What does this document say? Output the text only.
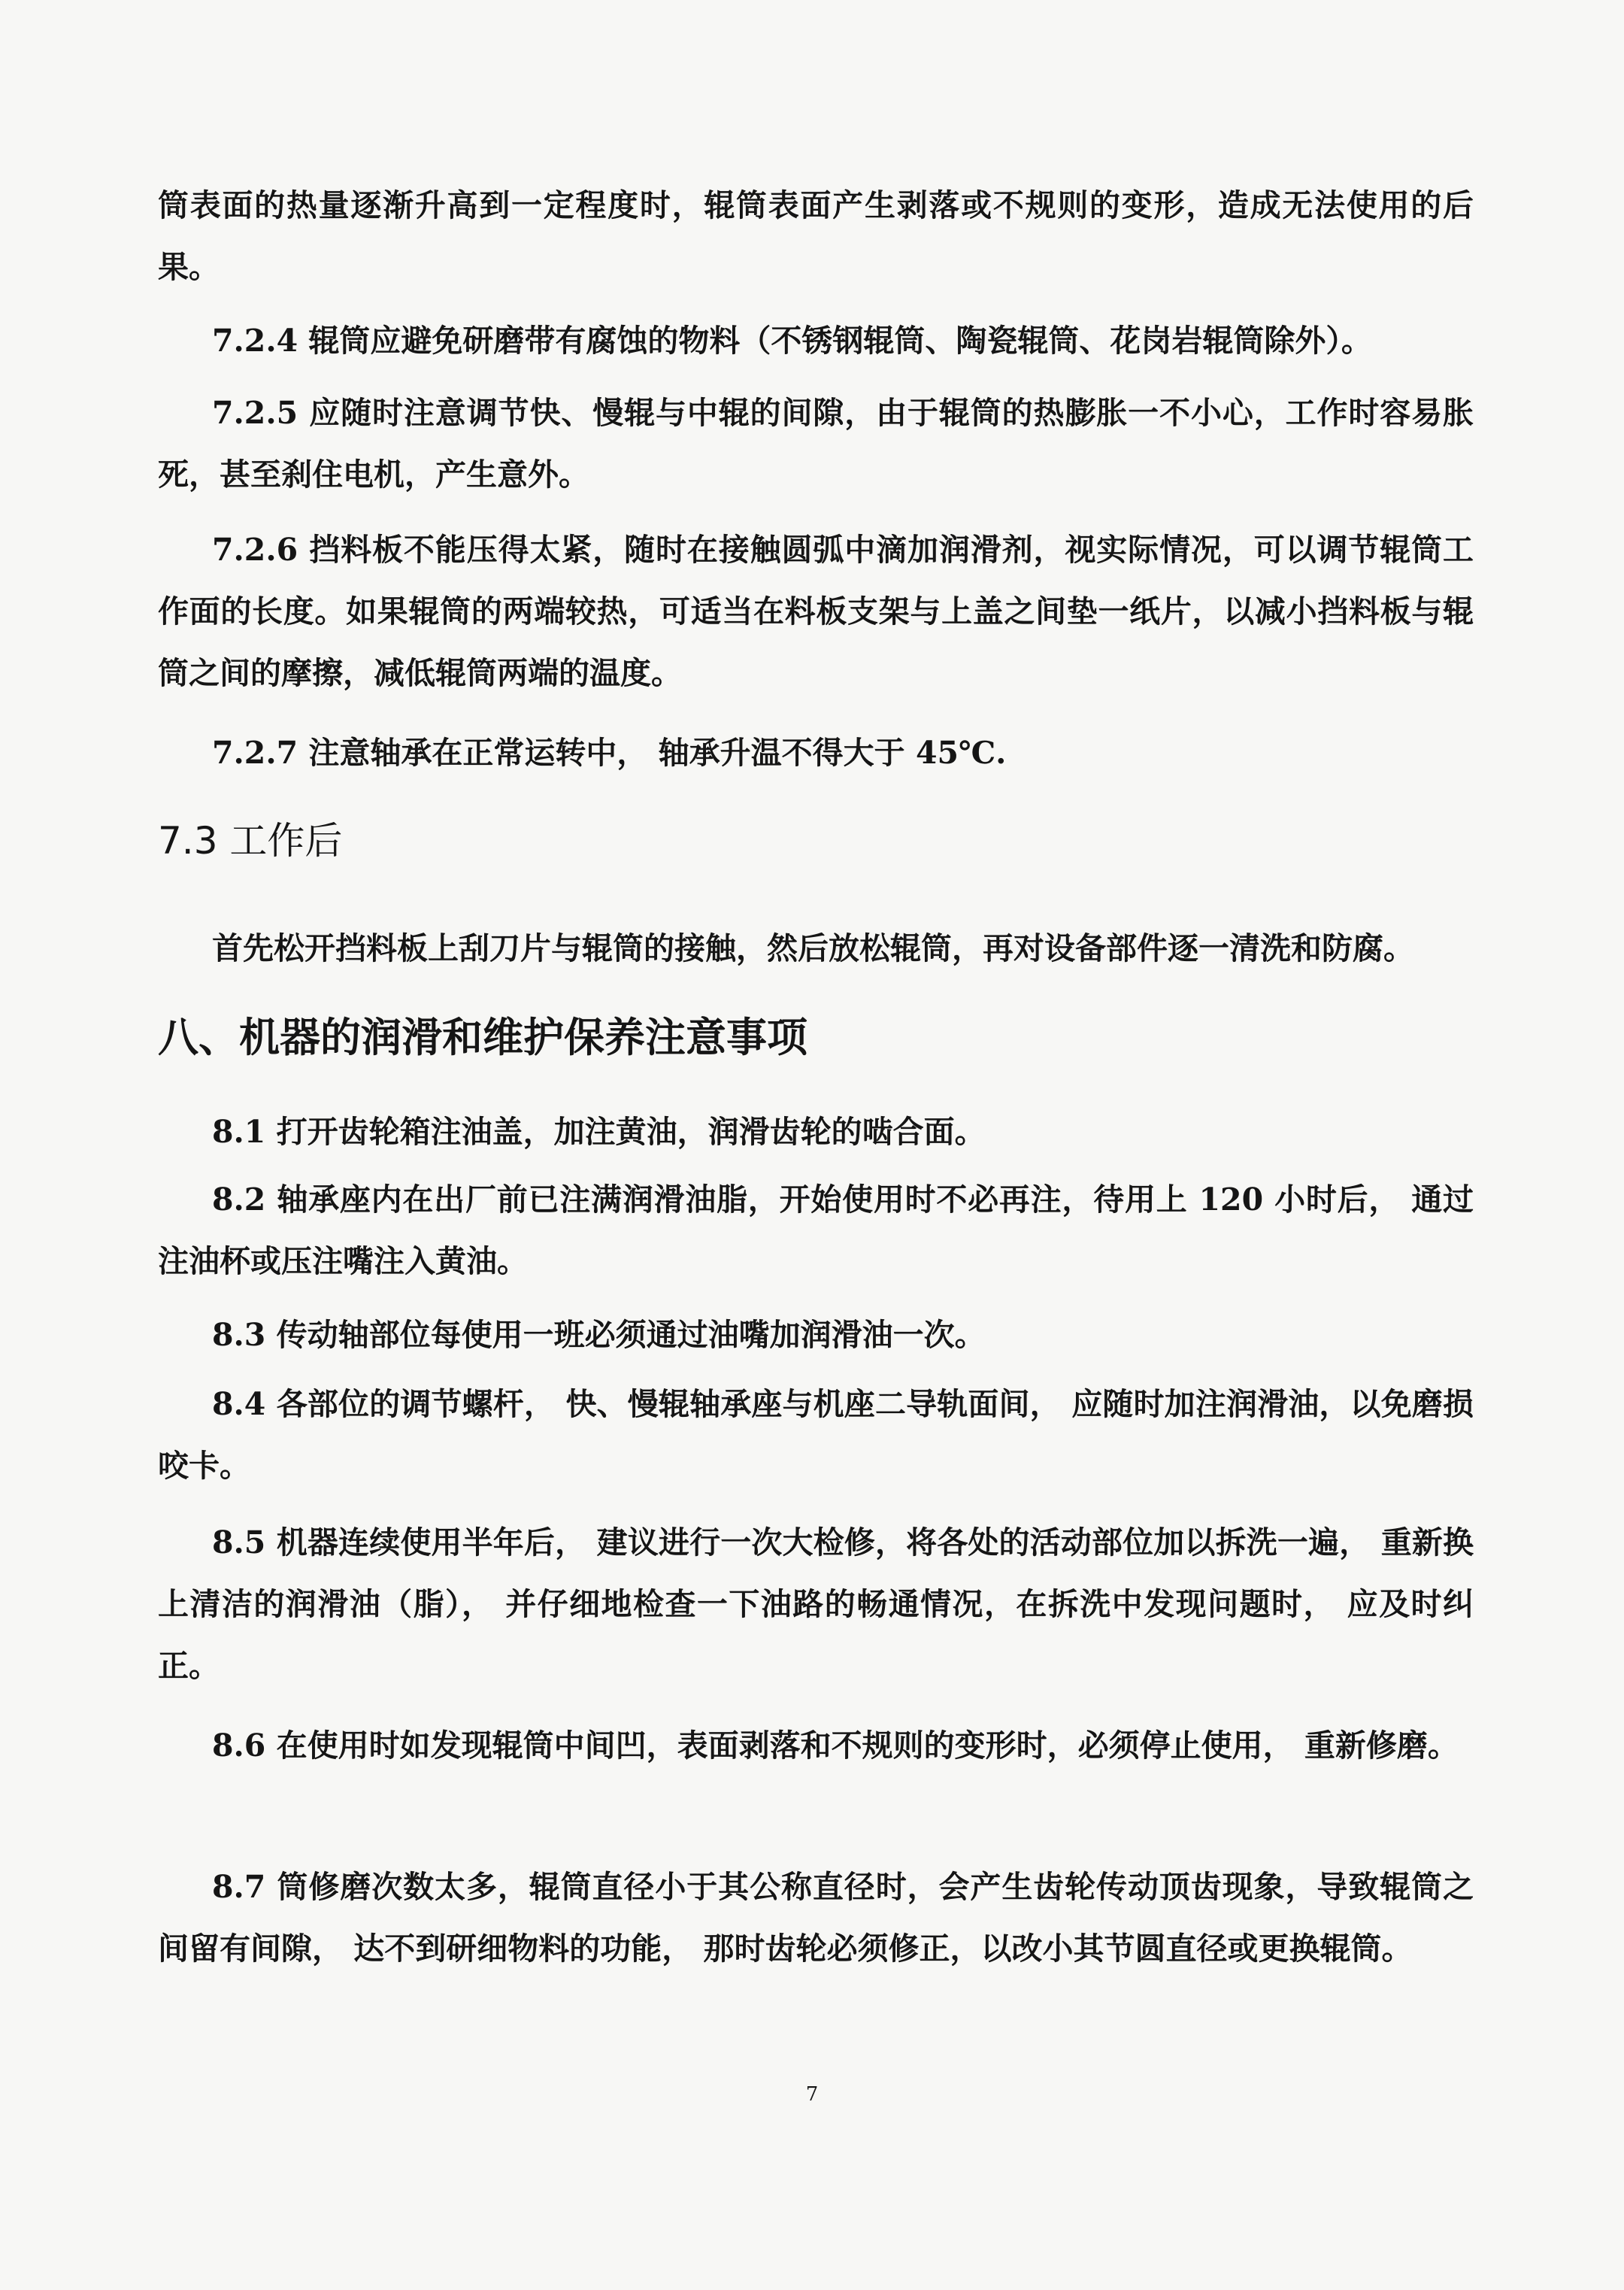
筒表面的热量逐渐升高到一定程度时，辊筒表面产生剥落或不规则的变形，造成无法使用的后果。

7.2.4 辊筒应避免研磨带有腐蚀的物料（不锈钢辊筒、陶瓷辊筒、花岗岩辊筒除外）。

7.2.5 应随时注意调节快、慢辊与中辊的间隙，由于辊筒的热膨胀一不小心，工作时容易胀死，甚至刹住电机，产生意外。

7.2.6 挡料板不能压得太紧，随时在接触圆弧中滴加润滑剂，视实际情况，可以调节辊筒工作面的长度。如果辊筒的两端较热，可适当在料板支架与上盖之间垫一纸片，以减小挡料板与辊筒之间的摩擦，减低辊筒两端的温度。

7.2.7 注意轴承在正常运转中， 轴承升温不得大于 45℃.

7.3 工作后

首先松开挡料板上刮刀片与辊筒的接触，然后放松辊筒，再对设备部件逐一清洗和防腐。

八、机器的润滑和维护保养注意事项

8.1 打开齿轮箱注油盖，加注黄油，润滑齿轮的啮合面。

8.2 轴承座内在出厂前已注满润滑油脂，开始使用时不必再注，待用上 120 小时后， 通过注油杯或压注嘴注入黄油。

8.3 传动轴部位每使用一班必须通过油嘴加润滑油一次。

8.4 各部位的调节螺杆， 快、慢辊轴承座与机座二导轨面间， 应随时加注润滑油，以免磨损咬卡。

8.5 机器连续使用半年后， 建议进行一次大检修，将各处的活动部位加以拆洗一遍， 重新换上清洁的润滑油（脂）， 并仔细地检查一下油路的畅通情况，在拆洗中发现问题时， 应及时纠正。

8.6 在使用时如发现辊筒中间凹，表面剥落和不规则的变形时，必须停止使用， 重新修磨。

8.7 筒修磨次数太多，辊筒直径小于其公称直径时，会产生齿轮传动顶齿现象，导致辊筒之间留有间隙， 达不到研细物料的功能， 那时齿轮必须修正，以改小其节圆直径或更换辊筒。

7
